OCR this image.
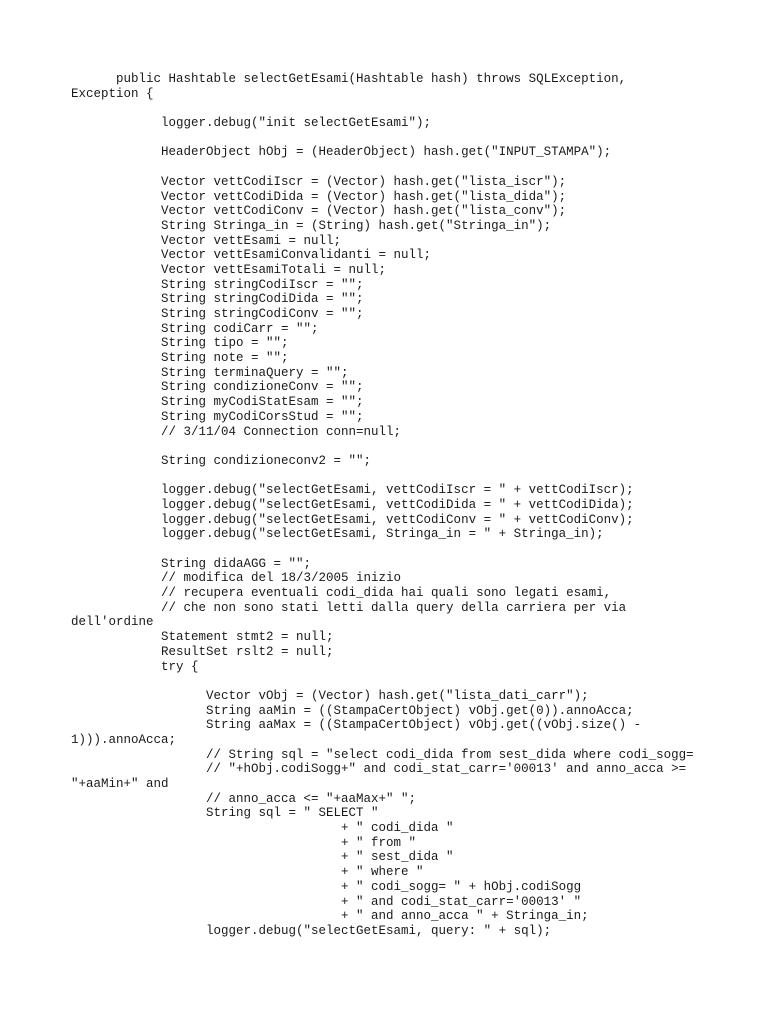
public Hashtable selectGetEsami(Hashtable hash) throws SQLException,
Exception {

logger.debug("init selectGetEsami");

HeaderObject hObj = (HeaderObject) hash.get("INPUT_STAMPA");

Vector vettCodiIscr = (Vector) hash.get("lista_iscr");
Vector vettCodiDida = (Vector) hash.get("lista_dida");
Vector vettCodiConv = (Vector) hash.get("lista_conv");
String Stringa_in = (String) hash.get("Stringa_in");
Vector vettEsami = null;
Vector vettEsamiConvalidanti = null;
Vector vettEsamiTotali = null;
String stringCodiIscr = "";
String stringCodiDida = "";
String stringCodiConv = "";
String codiCarr = "";
String tipo = "";
String note = "";
String terminaQuery = "";
String condizioneConv = "";
String myCodiStatEsam = "";
String myCodiCorsStud = "";
// 3/11/04 Connection conn=null;

String condizioneconv2 = "";

logger.debug("selectGetEsami, vettCodiIscr = " + vettCodiIscr);
logger.debug("selectGetEsami, vettCodiDida = " + vettCodiDida);
logger.debug("selectGetEsami, vettCodiConv = " + vettCodiConv);
logger.debug("selectGetEsami, Stringa_in = " + Stringa_in);

String didaAGG = "";
// modifica del 18/3/2005 inizio
// recupera eventuali codi_dida hai quali sono legati esami,
// che non sono stati letti dalla query della carriera per via
dell'ordine
Statement stmt2 = null;
ResultSet rslt2 = null;
try {

Vector vObj = (Vector) hash.get("lista_dati_carr");
String aaMin = ((StampaCertObject) vObj.get(0)).annoAcca;
String aaMax = ((StampaCertObject) vObj.get((vObj.size() -
1))).annoAcca;
// String sql = "select codi_dida from sest_dida where codi_sogg=
// "+hObj.codiSogg+" and codi_stat_carr='00013' and anno_acca >=
"+aaMin+" and
// anno_acca <= "+aaMax+" ";
String sql = " SELECT "
+ " codi_dida "
+ " from "
+ " sest_dida "
+ " where "
+ " codi_sogg= " + hObj.codiSogg
+ " and codi_stat_carr='00013' "
+ " and anno_acca " + Stringa_in;
logger.debug("selectGetEsami, query: " + sql);
